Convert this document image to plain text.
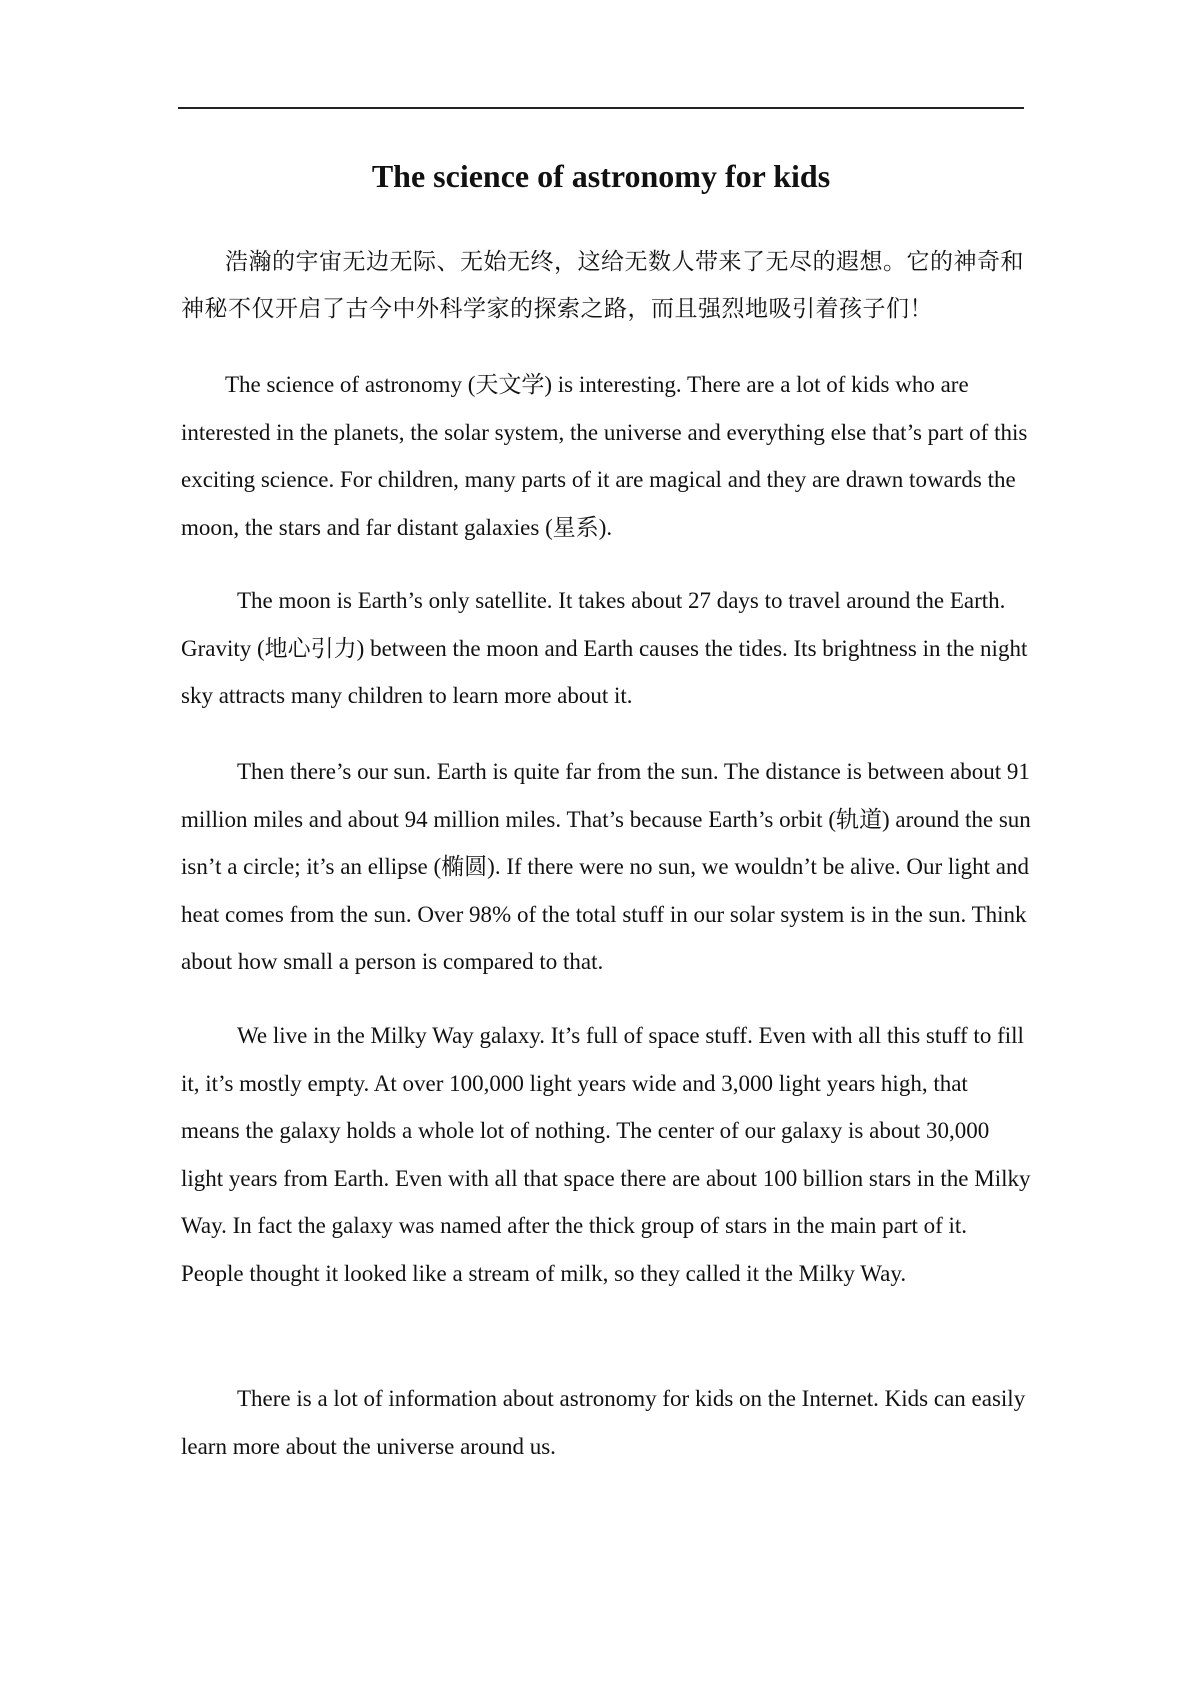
The science of astronomy for kids

浩瀚的宇宙无边无际、无始无终，这给无数人带来了无尽的遐想。它的神奇和神秘不仅开启了古今中外科学家的探索之路，而且强烈地吸引着孩子们！

The science of astronomy (天文学) is interesting. There are a lot of kids who are interested in the planets, the solar system, the universe and everything else that’s part of this exciting science. For children, many parts of it are magical and they are drawn towards the moon, the stars and far distant galaxies (星系).

The moon is Earth’s only satellite. It takes about 27 days to travel around the Earth. Gravity (地心引力) between the moon and Earth causes the tides. Its brightness in the night sky attracts many children to learn more about it.

Then there’s our sun. Earth is quite far from the sun. The distance is between about 91 million miles and about 94 million miles. That’s because Earth’s orbit (轨道) around the sun isn’t a circle; it’s an ellipse (椭圆). If there were no sun, we wouldn’t be alive. Our light and heat comes from the sun. Over 98% of the total stuff in our solar system is in the sun. Think about how small a person is compared to that.

We live in the Milky Way galaxy. It’s full of space stuff. Even with all this stuff to fill it, it’s mostly empty. At over 100,000 light years wide and 3,000 light years high, that means the galaxy holds a whole lot of nothing. The center of our galaxy is about 30,000 light years from Earth. Even with all that space there are about 100 billion stars in the Milky Way. In fact the galaxy was named after the thick group of stars in the main part of it. People thought it looked like a stream of milk, so they called it the Milky Way.

There is a lot of information about astronomy for kids on the Internet. Kids can easily learn more about the universe around us.
